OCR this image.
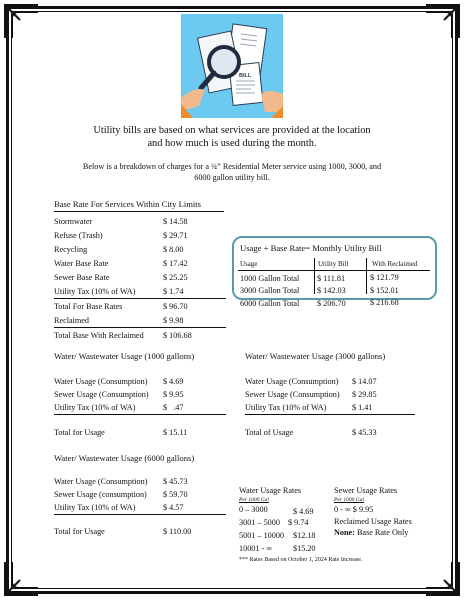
BILL
Utility bills are based on what services are provided at the location
and how much is used during the month.
Below is a breakdown of charges for a ¾” Residential Meter service using 1000, 3000, and
6000 gallon utility bill.
Base Rate For Services Within City Limits
Stormwater	$ 14.58
Refuse (Trash)	$ 29.71
Recycling	$ 8.00
Water Base Rate	$ 17.42
Sewer Base Rate	$ 25.25
Utility Tax (10% of WA)	$ 1.74
Total For Base Rates	$ 96.70
Reclaimed	$ 9.98
Total Base With Reclaimed $ 106.68
Usage + Base Rate= Monthly Utility Bill
Usage	Utility Bill	With Reclaimed
1000 Gallon Total $ 111.81	$ 121.79
3000 Gallon Total $ 142.03	$ 152.01
6000 Gallon Total $ 206.70	$ 216.68
Water/ Wastewater Usage (1000 gallons)
Water Usage (Consumption) $ 4.69
Sewer Usage (Consumption) $ 9.95
Utility Tax (10% of WA)	$   .47
Total for Usage	$ 15.11
Water/ Wastewater Usage (3000 gallons)
Water Usage (Consumption) $ 14.07
Sewer Usage (Consumption) $ 29.85
Utility Tax (10% of WA)	$ 1.41
Total of Usage	$ 45.33
Water/ Wastewater Usage (6000 gallons)
Water Usage (Consumption) $ 45.73
Sewer Usage (consumption) $ 59.70
Utility Tax (10% of WA)	$ 4.57
Total for Usage	$ 110.00
Water Usage Rates
Per 1000 Gal
0 – 3000	$ 4.69
3001 – 5000 $ 9.74
5001 – 10000 $12.18
10001 - ∞	$15.20
Sewer Usage Rates
Per 1000 Gal
0 - ∞ $ 9.95
Reclaimed Usage Rates
None: Base Rate Only
*** Rates Based on October 1, 2024 Rate Increase.
